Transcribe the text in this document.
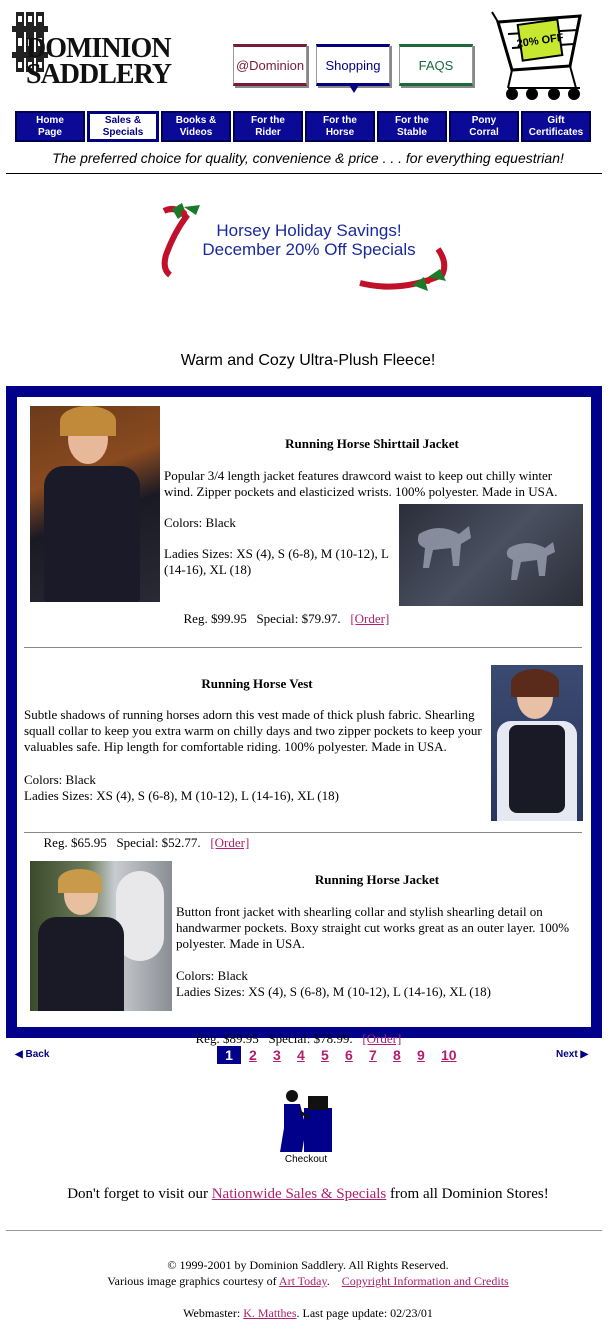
DOMINION
SADDLERY	@Dominion	Shopping	FAQS
20% OFF
Home
Page
Sales &
Specials
Books &
Videos
For the
Rider
For the
Horse
For the
Stable
Pony
Corral
Gift
Certificates
The preferred choice for quality, convenience & price . . . for everything equestrian!
Horsey Holiday Savings!
December 20% Off Specials
Warm and Cozy Ultra-Plush Fleece!
Running Horse Shirttail Jacket
Popular 3/4 length jacket features drawcord waist to keep out chilly winter wind. Zipper pockets and elasticized wrists. 100% polyester. Made in USA.
Colors: Black
Ladies Sizes: XS (4), S (6-8), M (10-12), L (14-16), XL (18)

Reg. $99.95   Special: $79.97. [Order]

Running Horse Vest
Subtle shadows of running horses adorn this vest made of thick plush fabric. Shearling squall collar to keep you extra warm on chilly days and two zipper pockets to keep your valuables safe. Hip length for comfortable riding. 100% polyester. Made in USA.
Colors: Black
Ladies Sizes: XS (4), S (6-8), M (10-12), L (14-16), XL (18)

Reg. $65.95   Special: $52.77. [Order]

Running Horse Jacket
Button front jacket with shearling collar and stylish shearling detail on handwarmer pockets. Boxy straight cut works great as an outer layer. 100% polyester. Made in USA.
Colors: Black
Ladies Sizes: XS (4), S (6-8), M (10-12), L (14-16), XL (18)

Reg. $89.95   Special: $78.99. [Order]

◀ Back	Next ▶
1	2 3 4 5 6 7 8 9 10
Checkout
Don't forget to visit our Nationwide Sales & Specials from all Dominion Stores!
© 1999-2001 by Dominion Saddlery. All Rights Reserved.
Various image graphics courtesy of Art Today.    Copyright Information and Credits
Webmaster: K. Matthes. Last page update: 02/23/01
